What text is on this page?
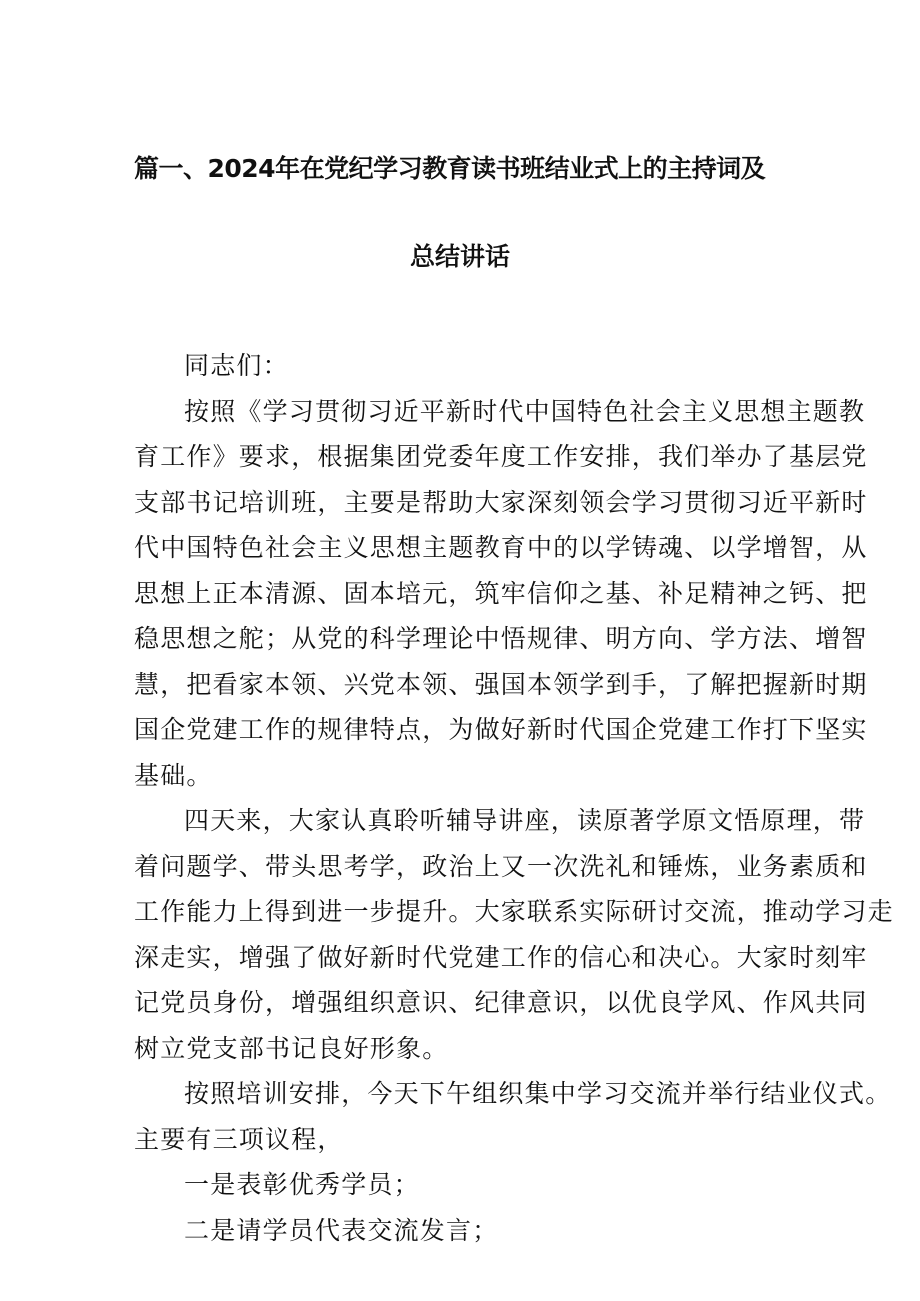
篇一、2024年在党纪学习教育读书班结业式上的主持词及
总结讲话
同志们：
按照《学习贯彻习近平新时代中国特色社会主义思想主题教
育工作》要求，根据集团党委年度工作安排，我们举办了基层党
支部书记培训班，主要是帮助大家深刻领会学习贯彻习近平新时
代中国特色社会主义思想主题教育中的以学铸魂、以学增智，从
思想上正本清源、固本培元，筑牢信仰之基、补足精神之钙、把
稳思想之舵；从党的科学理论中悟规律、明方向、学方法、增智
慧，把看家本领、兴党本领、强国本领学到手，了解把握新时期
国企党建工作的规律特点，为做好新时代国企党建工作打下坚实
基础。
四天来，大家认真聆听辅导讲座，读原著学原文悟原理，带
着问题学、带头思考学，政治上又一次洗礼和锤炼，业务素质和
工作能力上得到进一步提升。大家联系实际研讨交流，推动学习走
深走实，增强了做好新时代党建工作的信心和决心。大家时刻牢
记党员身份，增强组织意识、纪律意识，以优良学风、作风共同
树立党支部书记良好形象。
按照培训安排，今天下午组织集中学习交流并举行结业仪式。
主要有三项议程，
一是表彰优秀学员；
二是请学员代表交流发言；
